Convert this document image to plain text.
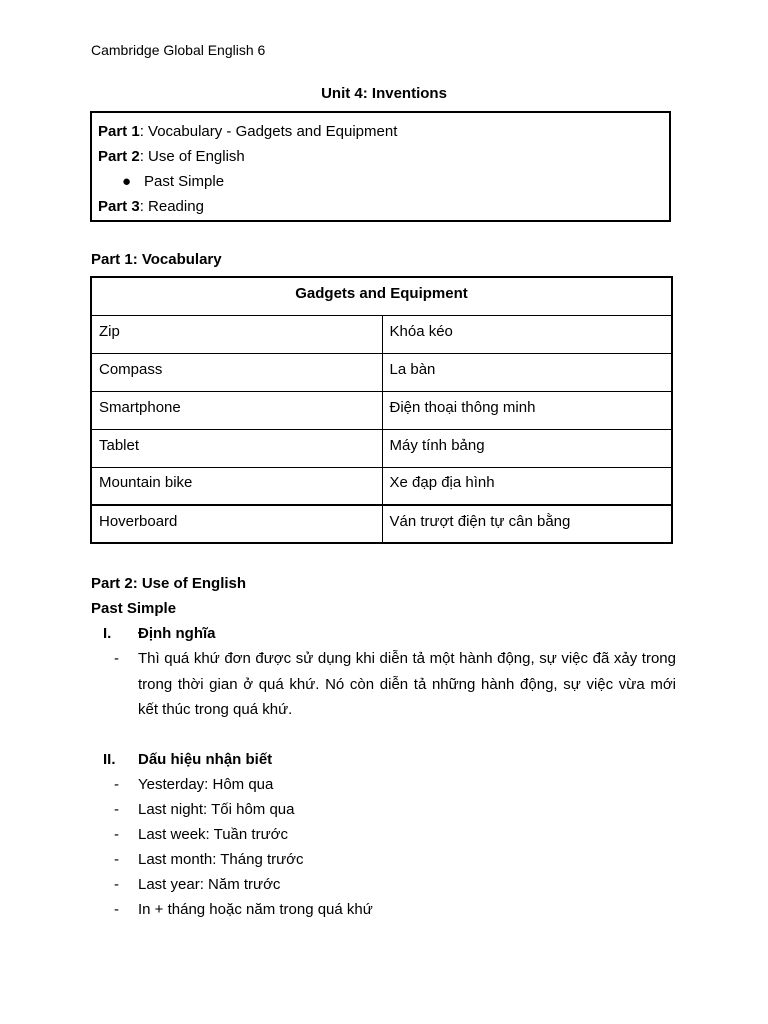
Cambridge Global English 6
Unit 4: Inventions
Part 1: Vocabulary - Gadgets and Equipment
Part 2: Use of English
● Past Simple
Part 3: Reading
Part 1: Vocabulary
Gadgets and Equipment	
Zip	Khóa kéo
Compass	La bàn
Smartphone	Điện thoại thông minh
Tablet	Máy tính bảng
Mountain bike	Xe đạp địa hình
Hoverboard	Ván trượt điện tự cân bằng
Part 2: Use of English
Past Simple
I. Định nghĩa
- Thì quá khứ đơn được sử dụng khi diễn tả một hành động, sự việc đã xảy trong trong thời gian ở quá khứ. Nó còn diễn tả những hành động, sự việc vừa mới kết thúc trong quá khứ.
II. Dấu hiệu nhận biết
- Yesterday: Hôm qua
- Last night: Tối hôm qua
- Last week: Tuần trước
- Last month: Tháng trước
- Last year: Năm trước
- In + tháng hoặc năm trong quá khứ
